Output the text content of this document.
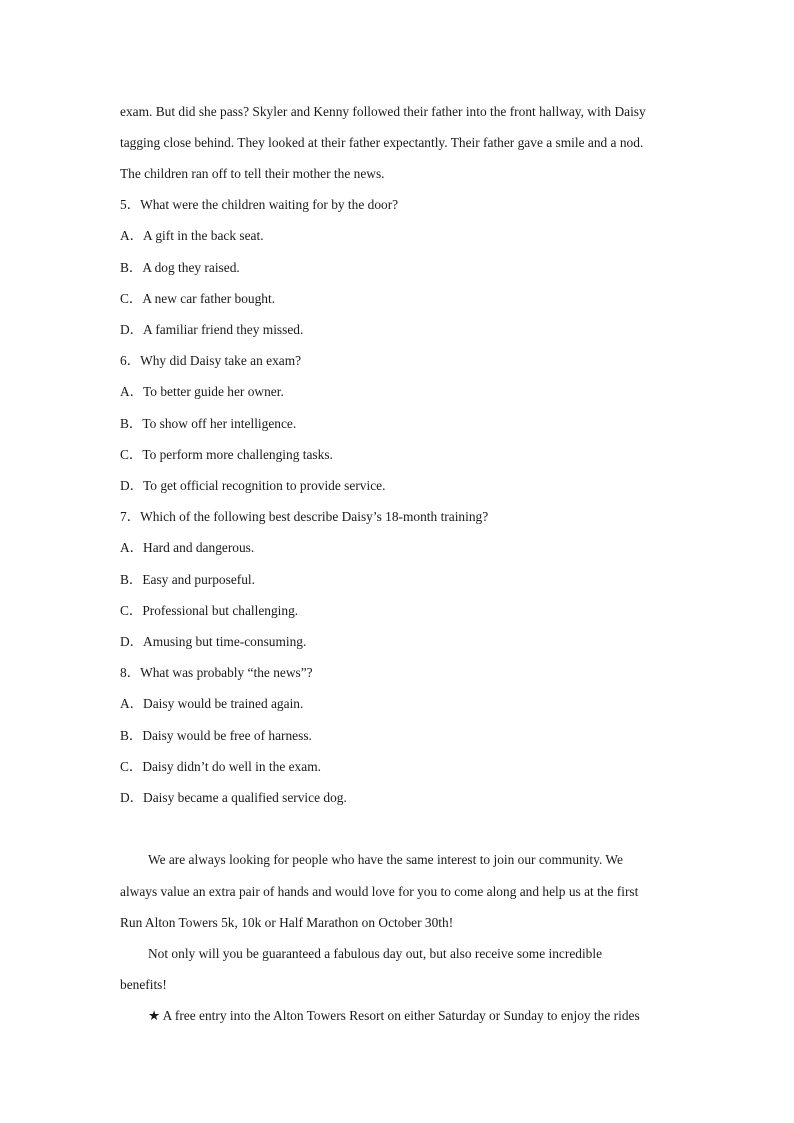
exam. But did she pass? Skyler and Kenny followed their father into the front hallway, with Daisy
tagging close behind. They looked at their father expectantly. Their father gave a smile and a nod.
The children ran off to tell their mother the news.
5．What were the children waiting for by the door?
A．A gift in the back seat.
B．A dog they raised.
C．A new car father bought.
D．A familiar friend they missed.
6．Why did Daisy take an exam?
A．To better guide her owner.
B．To show off her intelligence.
C．To perform more challenging tasks.
D．To get official recognition to provide service.
7．Which of the following best describe Daisy’s 18-month training?
A．Hard and dangerous.
B．Easy and purposeful.
C．Professional but challenging.
D．Amusing but time-consuming.
8．What was probably “the news”?
A．Daisy would be trained again.
B．Daisy would be free of harness.
C．Daisy didn’t do well in the exam.
D．Daisy became a qualified service dog.
We are always looking for people who have the same interest to join our community. We
always value an extra pair of hands and would love for you to come along and help us at the first
Run Alton Towers 5k, 10k or Half Marathon on October 30th!
Not only will you be guaranteed a fabulous day out, but also receive some incredible
benefits!
★ A free entry into the Alton Towers Resort on either Saturday or Sunday to enjoy the rides
